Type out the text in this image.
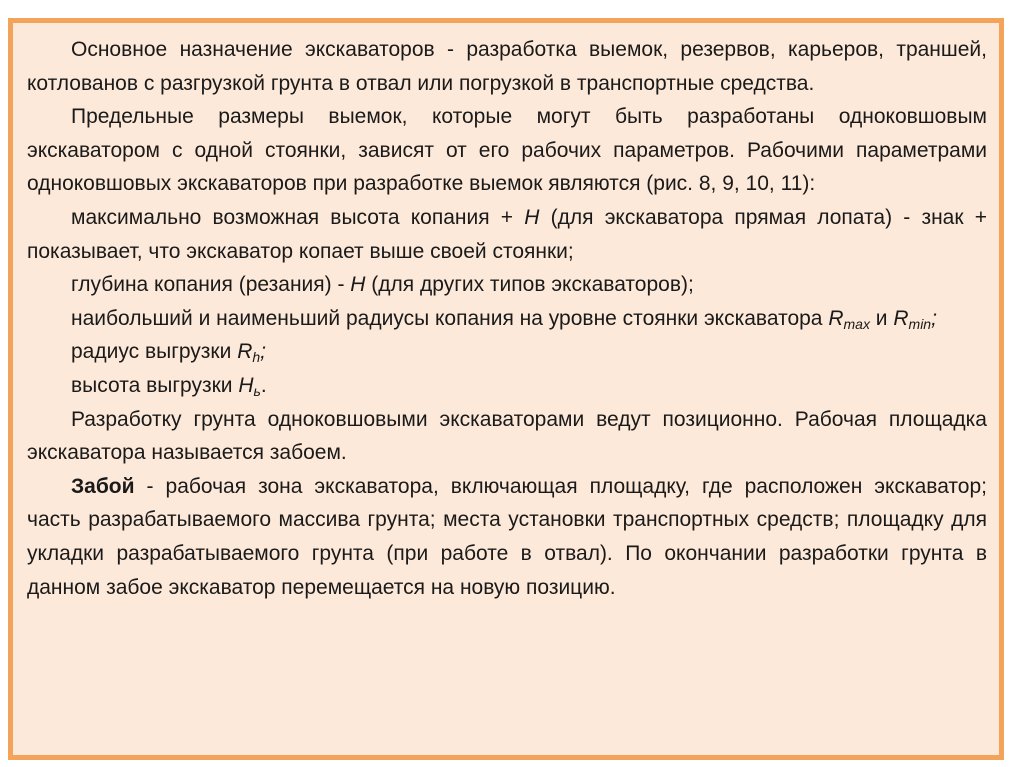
Основное назначение экскаваторов - разработка выемок, резервов, карьеров, траншей, котлованов с разгрузкой грунта в отвал или погрузкой в транспортные средства.

Предельные размеры выемок, которые могут быть разработаны одноковшовым экскаватором с одной стоянки, зависят от его рабочих параметров. Рабочими параметрами одноковшовых экскаваторов при разработке выемок являются (рис. 8, 9, 10, 11):

максимально возможная высота копания + H (для экскаватора прямая лопата) - знак + показывает, что экскаватор копает выше своей стоянки;

глубина копания (резания) - H (для других типов экскаваторов);

наибольший и наименьший радиусы копания на уровне стоянки экскаватора $R_{max}$ и $R_{min}$;

радиус выгрузки $R_h$;

высота выгрузки $H_ь$.

Разработку грунта одноковшовыми экскаваторами ведут позиционно. Рабочая площадка экскаватора называется забоем.

Забой - рабочая зона экскаватора, включающая площадку, где расположен экскаватор; часть разрабатываемого массива грунта; места установки транспортных средств; площадку для укладки разрабатываемого грунта (при работе в отвал). По окончании разработки грунта в данном забое экскаватор перемещается на новую позицию.
